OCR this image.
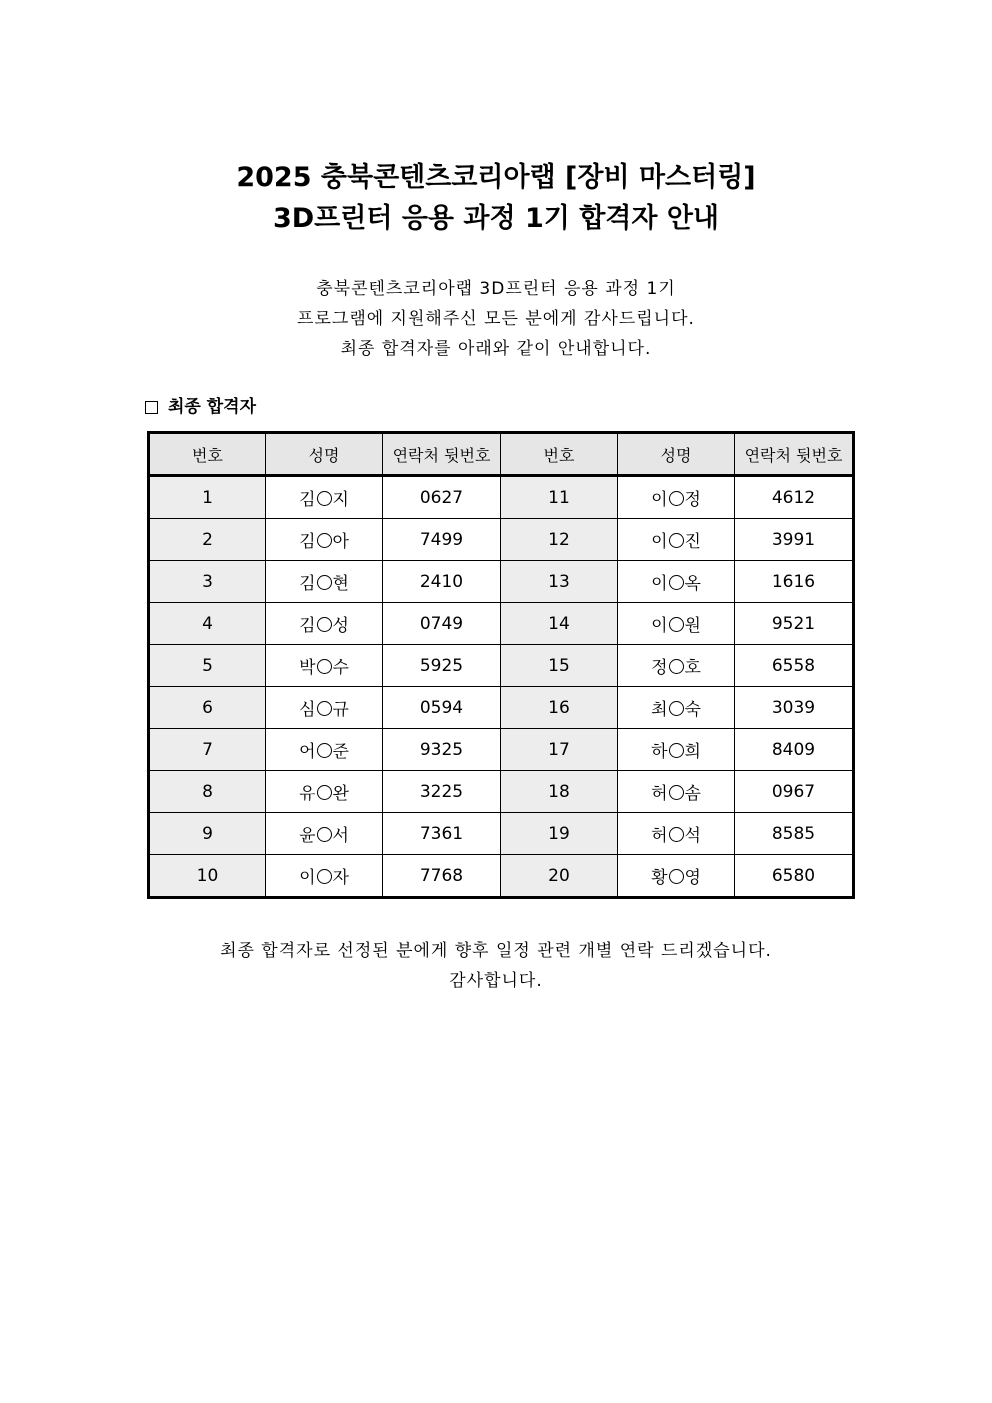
2025 충북콘텐츠코리아랩 [장비 마스터링]
3D프린터 응용 과정 1기 합격자 안내
충북콘텐츠코리아랩 3D프린터 응용 과정 1기
프로그램에 지원해주신 모든 분에게 감사드립니다.
최종 합격자를 아래와 같이 안내합니다.
최종 합격자
번호	성명	연락처 뒷번호	번호	성명	연락처 뒷번호
1	김 지	0627	11	이 정	4612
2	김 아	7499	12	이 진	3991
3	김 현	2410	13	이 옥	1616
4	김 성	0749	14	이 원	9521
5	박 수	5925	15	정 호	6558
6	심 규	0594	16	최 숙	3039
7	어 준	9325	17	하 희	8409
8	유 완	3225	18	허 솜	0967
9	윤 서	7361	19	허 석	8585
10	이 자	7768	20	황 영	6580
최종 합격자로 선정된 분에게 향후 일정 관련 개별 연락 드리겠습니다.
감사합니다.
